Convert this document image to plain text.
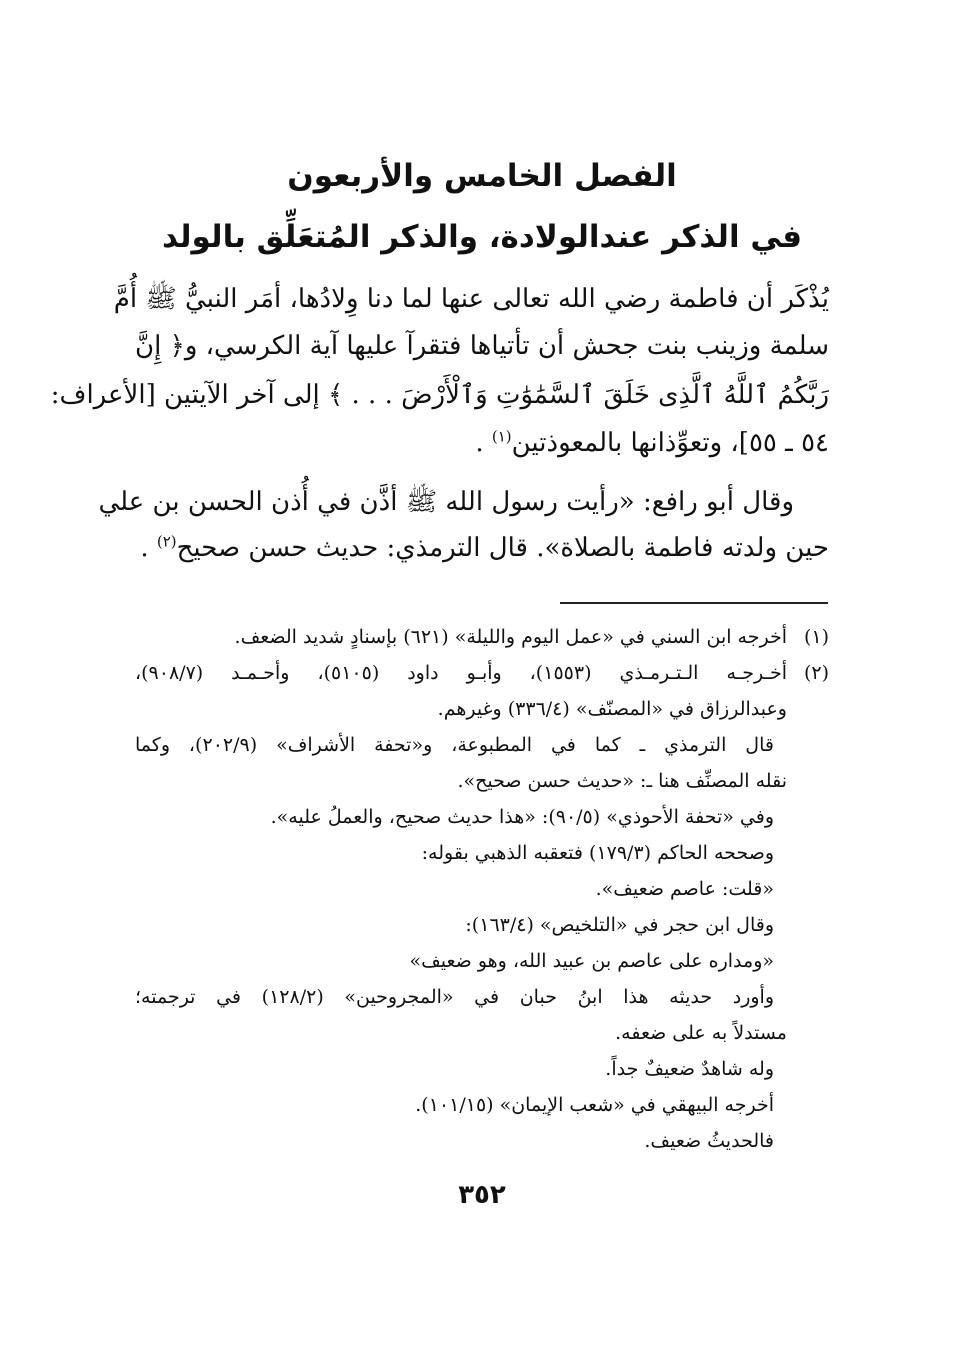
الفصل الخامس والأربعون
في الذكر عندالولادة، والذكر المُتعَلِّق بالولد

يُذْكَر أن فاطمة رضي الله تعالى عنها لما دنا وِلادُها، أمَر النبيُّ ﷺ أُمَّ

سلمة وزينب بنت جحش أن تأتياها فتقرآ عليها آية الكرسي، و﴿ إِنَّ

رَبَّكُمُ ٱللَّهُ ٱلَّذِى خَلَقَ ٱلسَّمَٰوَٰتِ وَٱلْأَرْضَ . . . ﴾ إلى آخر الآيتين [الأعراف:

٥٤ ـ ٥٥]، وتعوِّذانها بالمعوذتين$^{(١)}$ .

وقال أبو رافع: «رأيت رسول الله ﷺ أذَّن في أُذن الحسن بن علي

حين ولدته فاطمة بالصلاة». قال الترمذي: حديث حسن صحيح$^{(٢)}$ .

(١)أخرجه ابن السني في «عمل اليوم والليلة» (٦٢١) بإسنادٍ شديد الضعف.

(٢)أخـرجـه الـتـرمـذي (١٥٥٣)، وأبـو داود (٥١٠٥)، وأحـمـد (٩٠٨/٧)،

وعبدالرزاق في «المصنّف» (٣٣٦/٤) وغيرهم.

قال الترمذي ـ كما في المطبوعة، و«تحفة الأشراف» (٢٠٢/٩)، وكما

نقله المصنِّف هنا ـ: «حديث حسن صحيح».

وفي «تحفة الأحوذي» (٩٠/٥): «هذا حديث صحيح، والعملُ عليه».

وصححه الحاكم (١٧٩/٣) فتعقبه الذهبي بقوله:

«قلت: عاصم ضعيف».

وقال ابن حجر في «التلخيص» (١٦٣/٤):

«ومداره على عاصم بن عبيد الله، وهو ضعيف»

وأورد حديثه هذا ابنُ حبان في «المجروحين» (١٢٨/٢) في ترجمته؛

مستدلاً به على ضعفه.

وله شاهدٌ ضعيفٌ جداً.

أخرجه البيهقي في «شعب الإيمان» (١٠١/١٥).

فالحديثُ ضعيف.

٣٥٢
